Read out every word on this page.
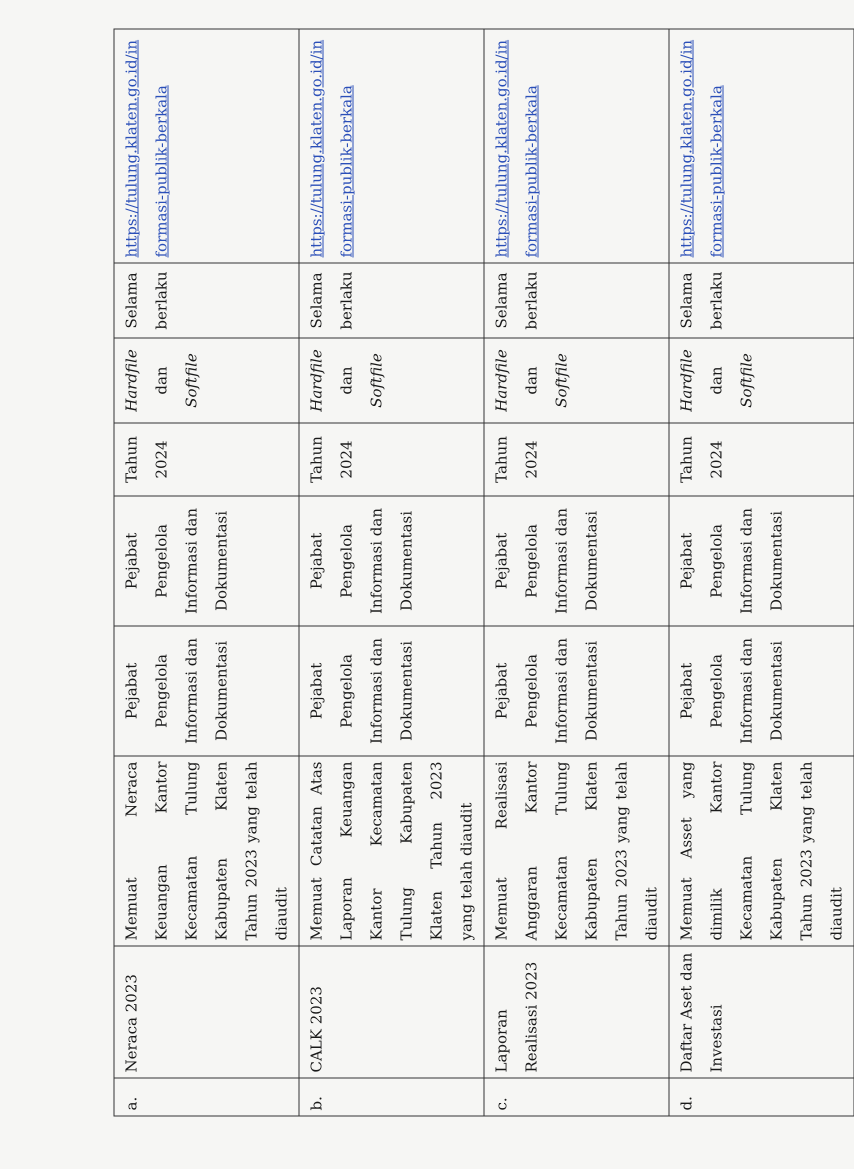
a.	Neraca 2023	Memuat Neraca Keuangan Kantor Kecamatan Tulung Kabupaten Klaten Tahun 2023 yang telah diaudit	Pejabat Pengelola Informasi dan Dokumentasi	Pejabat Pengelola Informasi dan Dokumentasi	Tahun 2024	Hardfile dan Softfile	Selama berlaku	https://tulung.klaten.go.id/informasi-publik-berkala
b.	CALK 2023	Memuat Catatan Atas Laporan Keuangan Kantor Kecamatan Tulung Kabupaten Klaten Tahun 2023 yang telah diaudit	Pejabat Pengelola Informasi dan Dokumentasi	Pejabat Pengelola Informasi dan Dokumentasi	Tahun 2024	Hardfile dan Softfile	Selama berlaku	https://tulung.klaten.go.id/informasi-publik-berkala
c.	Laporan Realisasi 2023	Memuat Realisasi Anggaran Kantor Kecamatan Tulung Kabupaten Klaten Tahun 2023 yang telah diaudit	Pejabat Pengelola Informasi dan Dokumentasi	Pejabat Pengelola Informasi dan Dokumentasi	Tahun 2024	Hardfile dan Softfile	Selama berlaku	https://tulung.klaten.go.id/informasi-publik-berkala
d.	Daftar Aset dan Investasi	Memuat Asset yang dimilik Kantor Kecamatan Tulung Kabupaten Klaten Tahun 2023 yang telah diaudit	Pejabat Pengelola Informasi dan Dokumentasi	Pejabat Pengelola Informasi dan Dokumentasi	Tahun 2024	Hardfile dan Softfile	Selama berlaku	https://tulung.klaten.go.id/informasi-publik-berkala
